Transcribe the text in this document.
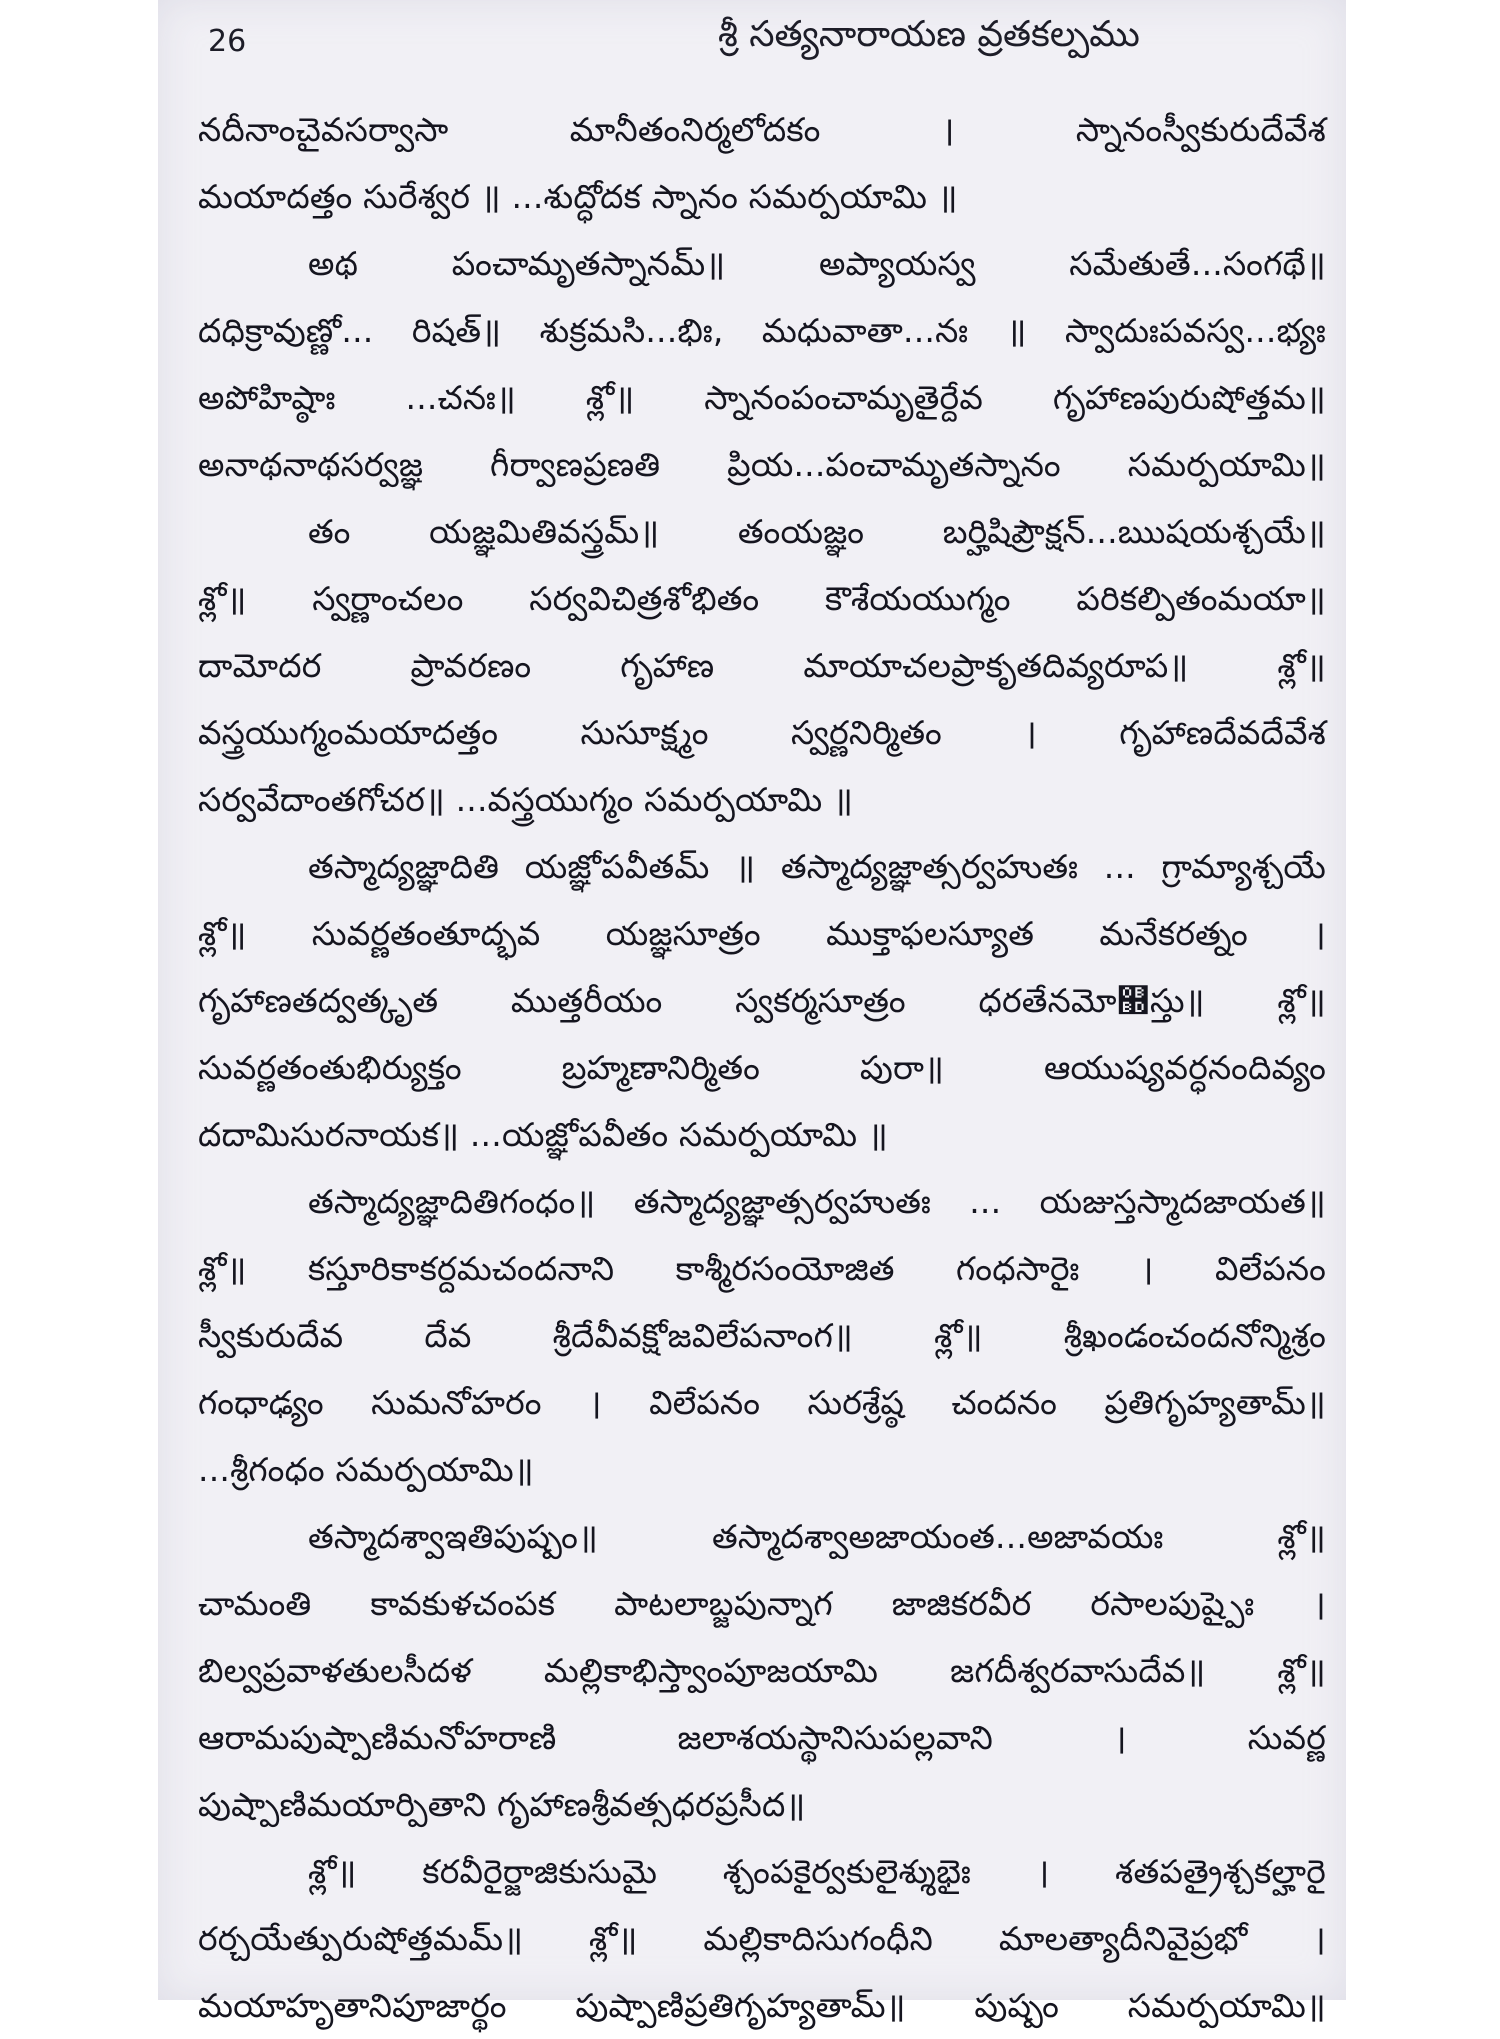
26	శ్రీ సత్యనారాయణ వ్రతకల్పము
నదీనాంచైవసర్వాసా మానీతంనిర్మలోదకం । స్నానంస్వీకురుదేవేశ
మయాదత్తం సురేశ్వర ॥ ...శుద్ధోదక స్నానం సమర్పయామి ॥
అథ పంచామృతస్నానమ్॥ అప్యాయస్వ సమేతుతే...సంగథే॥
దధిక్రావుణ్ణో... రిషత్॥ శుక్రమసి...భిః, మధువాతా...నః ॥ స్వాదుఃపవస్వ...భ్యః
అపోహిష్ఠాః ...చనః॥ శ్లో॥ స్నానంపంచామృతైర్దేవ గృహాణపురుషోత్తమ॥
అనాథనాథసర్వజ్ఞ గీర్వాణప్రణతి ప్రియ...పంచామృతస్నానం సమర్పయామి॥
తం యజ్ఞమితివస్త్రమ్॥ తంయజ్ఞం బర్హిషిప్రౌక్షన్...ఋషయశ్చయే॥
శ్లో॥ స్వర్ణాంచలం సర్వవిచిత్రశోభితం కౌశేయయుగ్మం పరికల్పితంమయా॥
దామోదర ప్రావరణం గృహాణ మాయాచలప్రాకృతదివ్యరూప॥ శ్లో॥
వస్త్రయుగ్మంమయాదత్తం సుసూక్ష్మం స్వర్ణనిర్మితం । గృహాణదేవదేవేశ
సర్వవేదాంతగోచర॥ ...వస్త్రయుగ్మం సమర్పయామి ॥
తస్మాద్యజ్ఞాదితి యజ్ఞోపవీతమ్ ॥ తస్మాద్యజ్ఞాత్సర్వహుతః ... గ్రామ్యాశ్చయే
శ్లో॥ సువర్ణతంతూద్భవ యజ్ఞసూత్రం ముక్తాఫలస్యూత మనేకరత్నం ।
గృహాణతద్వత్కృత ముత్తరీయం స్వకర్మసూత్రం ధరతేనమో஽స్తు॥ శ్లో॥
సువర్ణతంతుభిర్యుక్తం బ్రహ్మణానిర్మితం పురా॥ ఆయుష్యవర్ధనందివ్యం
దదామిసురనాయక॥ ...యజ్ఞోపవీతం సమర్పయామి ॥
తస్మాద్యజ్ఞాదితిగంధం॥ తస్మాద్యజ్ఞాత్సర్వహుతః ... యజుస్తస్మాదజాయత॥
శ్లో॥ కస్తూరికాకర్దమచందనాని కాశ్మీరసంయోజిత గంధసారైః । విలేపనం
స్వీకురుదేవ దేవ శ్రీదేవీవక్షోజవిలేపనాంగ॥ శ్లో॥ శ్రీఖండంచందనోన్మిశ్రం
గంధాఢ్యం సుమనోహరం । విలేపనం సురశ్రేష్ఠ చందనం ప్రతిగృహ్యతామ్॥
...శ్రీగంధం సమర్పయామి॥
తస్మాదశ్వాఇతిపుష్పం॥ తస్మాదశ్వాఅజాయంత...అజావయః శ్లో॥
చామంతి కావకుళచంపక పాటలాబ్జపున్నాగ జాజికరవీర రసాలపుష్పైః ।
బిల్వప్రవాళతులసీదళ మల్లికాభిస్త్వాంపూజయామి జగదీశ్వరవాసుదేవ॥ శ్లో॥
ఆరామపుష్పాణిమనోహరాణి జలాశయస్థానిసుపల్లవాని । సువర్ణ
పుష్పాణిమయార్పితాని గృహాణశ్రీవత్సధరప్రసీద॥
శ్లో॥ కరవీరైర్జాజికుసుమై శ్చంపకైర్వకులైశ్శుభైః । శతపత్రైశ్చకల్హారై
రర్చయేత్పురుషోత్తమమ్॥ శ్లో॥ మల్లికాదిసుగంధీని మాలత్యాదీనివైప్రభో ।
మయాహృతానిపూజార్థం పుష్పాణిప్రతిగృహ్యతామ్॥ పుష్పం సమర్పయామి॥
